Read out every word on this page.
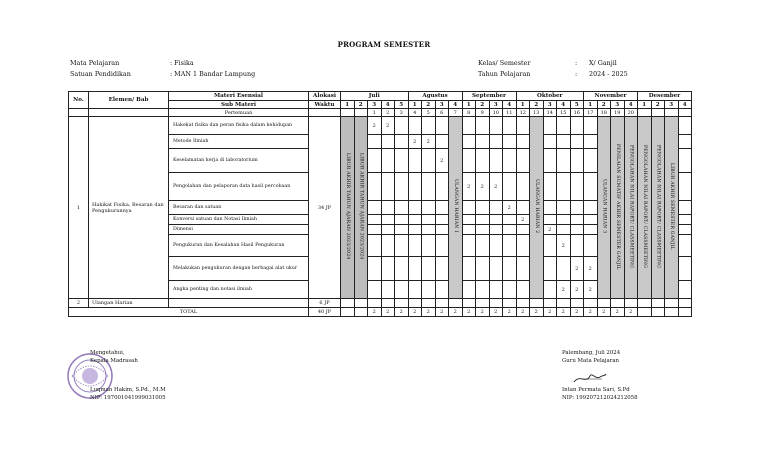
PROGRAM SEMESTER
Mata Pelajaran	: Fisika
Satuan Pendidikan	: MAN 1 Bandar Lampung
Kelas/ Semester	:	X/ Ganjil
Tahun Pelajaran	:	2024 - 2025
No.	Elemen/ Bab	Materi Esensial	Alokasi	Juli					Agustus				September				Oktober					November				Desember			
		Sub Materi	Waktu	1	2	3	4	5	1	2	3	4	1	2	3	4	1	2	3	4	5	1	2	3	4	1	2	3	4
		Pertemuan				1	2	3	4	5	6	7	8	9	10	11	12	13	14	15	16	17	18	19	20				
1	Hakikat Fisika, Besaran dan Pengukurannya	Hakekat fisika dan peran fisika dalam kehidupan	34 JP	LIBUR AKHIR TAHUN AJARAN 2023/2024	LIBUR AKHIR TAHUN AJARAN 2023/2024	2	2					ULANGAN HARIAN 1						ULANGAN HARIAN 2					ULANGAN HARIAN 3	PENILAIAN SUMATIF AKHIR SEMESTER GANJIL	PENGOLAHAN NILAI RAPORT/ CLASSMEETING	PENGOLAHAN NILAI RAPORT/ CLASSMEETING	PENGOLAHAN NILAI RAPORT/ CLASSMEETING	LIBUR AKHIR SEMESTER GANJIL	
		Metode Ilmiah							2	2																			
		Keselamatan kerja di laboratorium									2																		
		Pengolahan dan pelaporan data hasil percobaan											2	2	2														
		Besaran dan satuan														2													
		Konversi satuan dan Notasi Ilmiah															2												
		Dimensi																	2										
		Pengukuran dan Kesalahan Hasil Pengukuran																		2									
		Melakukan pengukuran dengan berbagai alat ukur																			2	2							
		Angka penting dan notasi ilmiah																		2	2	2							
2	Ulangan Harian		6 JP																										
TOTAL			40 JP			2	2	2	2	2	2	2	2	2	2	2	2	2	2	2	2	2	2	2	2				
Mengetahui,
Kepala Madrasah
Luqman Hakim, S.Pd., M.M
NIP: 197001041999031005
Palembang, Juli 2024
Guru Mata Pelajaran
Intan Permata Sari, S.Pd
NIP: 199207212024212058
